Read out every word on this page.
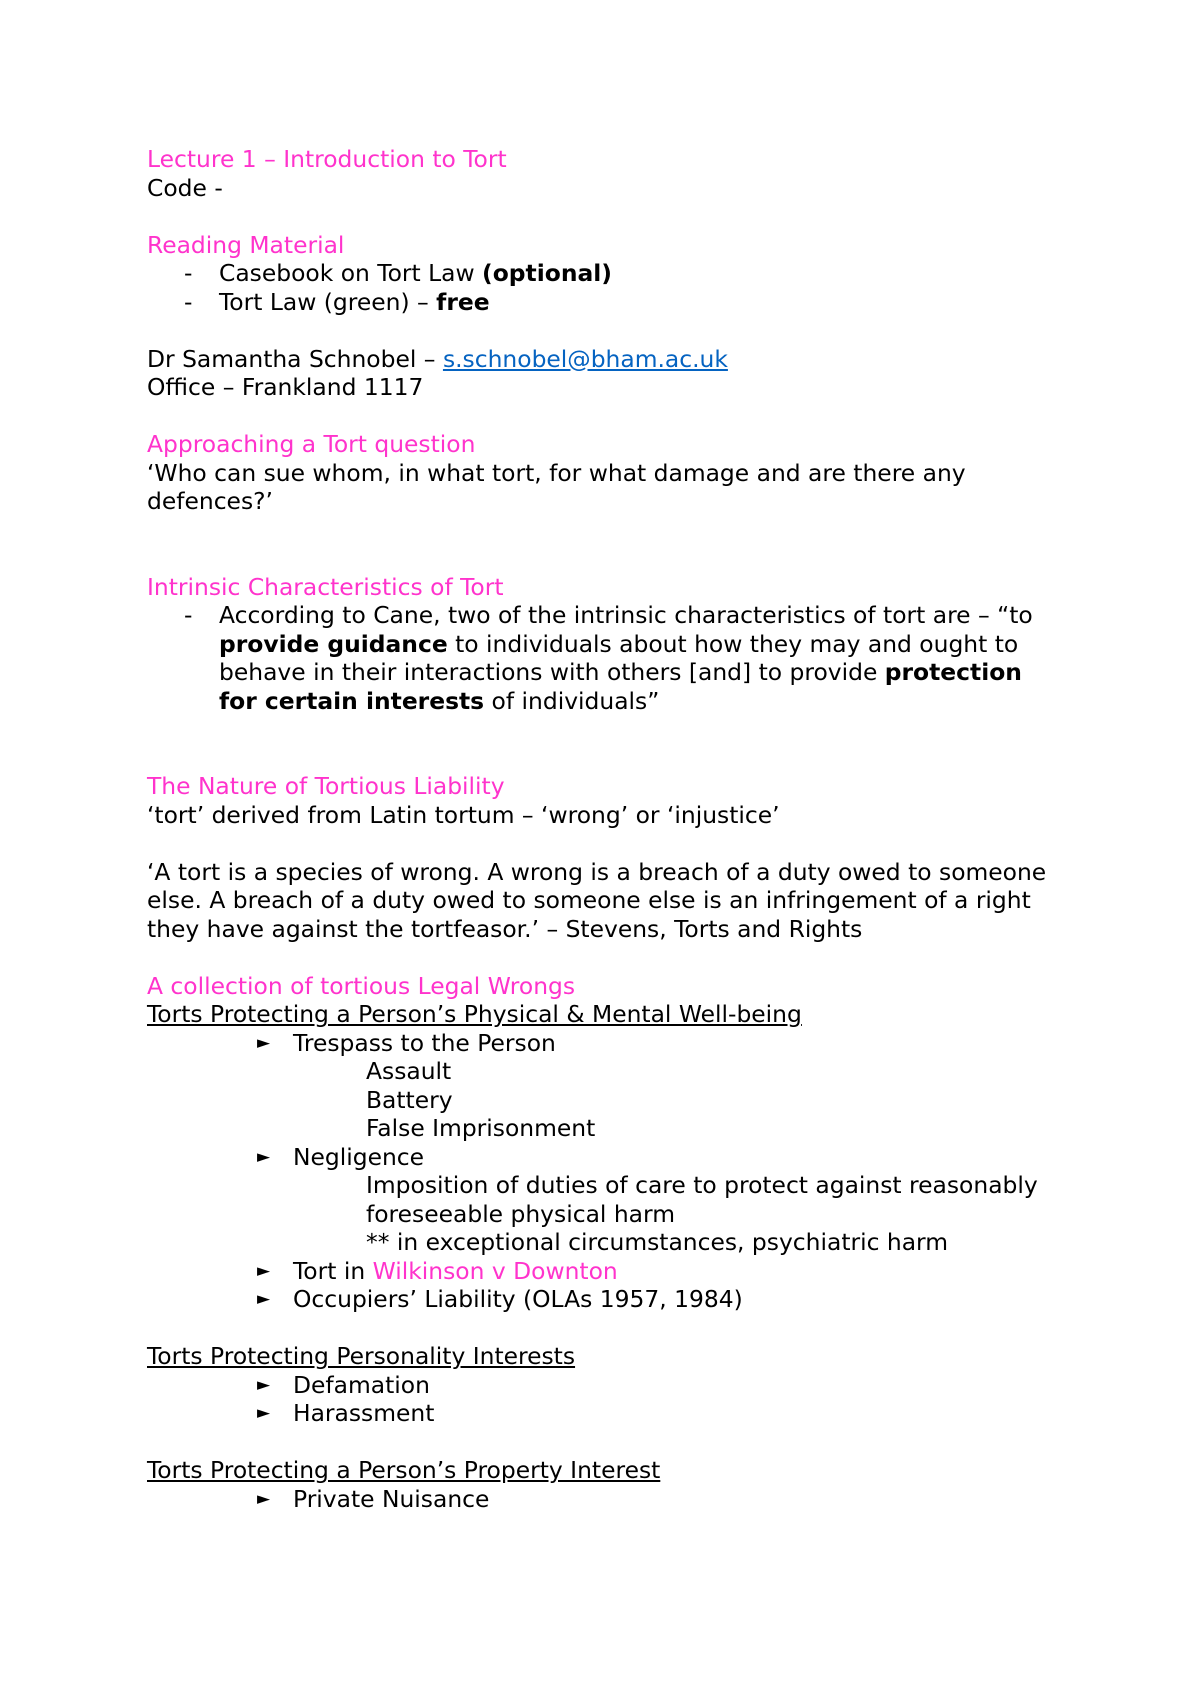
Lecture 1 – Introduction to Tort

Code -

Reading Material

- Casebook on Tort Law (optional)
- Tort Law (green) – free

Dr Samantha Schnobel – s.schnobel@bham.ac.uk

Office – Frankland 1117

Approaching a Tort question

‘Who can sue whom, in what tort, for what damage and are there any defences?’

Intrinsic Characteristics of Tort

- According to Cane, two of the intrinsic characteristics of tort are – “to provide guidance to individuals about how they may and ought to behave in their interactions with others [and] to provide protection for certain interests of individuals”

The Nature of Tortious Liability

‘tort’ derived from Latin tortum – ‘wrong’ or ‘injustice’

‘A tort is a species of wrong. A wrong is a breach of a duty owed to someone else. A breach of a duty owed to someone else is an infringement of a right they have against the tortfeasor.’ – Stevens, Torts and Rights

A collection of tortious Legal Wrongs

Torts Protecting a Person’s Physical & Mental Well-being

► Trespass to the Person
Assault
Battery
False Imprisonment
► Negligence
Imposition of duties of care to protect against reasonably foreseeable physical harm
** in exceptional circumstances, psychiatric harm
► Tort in Wilkinson v Downton
► Occupiers’ Liability (OLAs 1957, 1984)

Torts Protecting Personality Interests

► Defamation
► Harassment

Torts Protecting a Person’s Property Interest

► Private Nuisance
